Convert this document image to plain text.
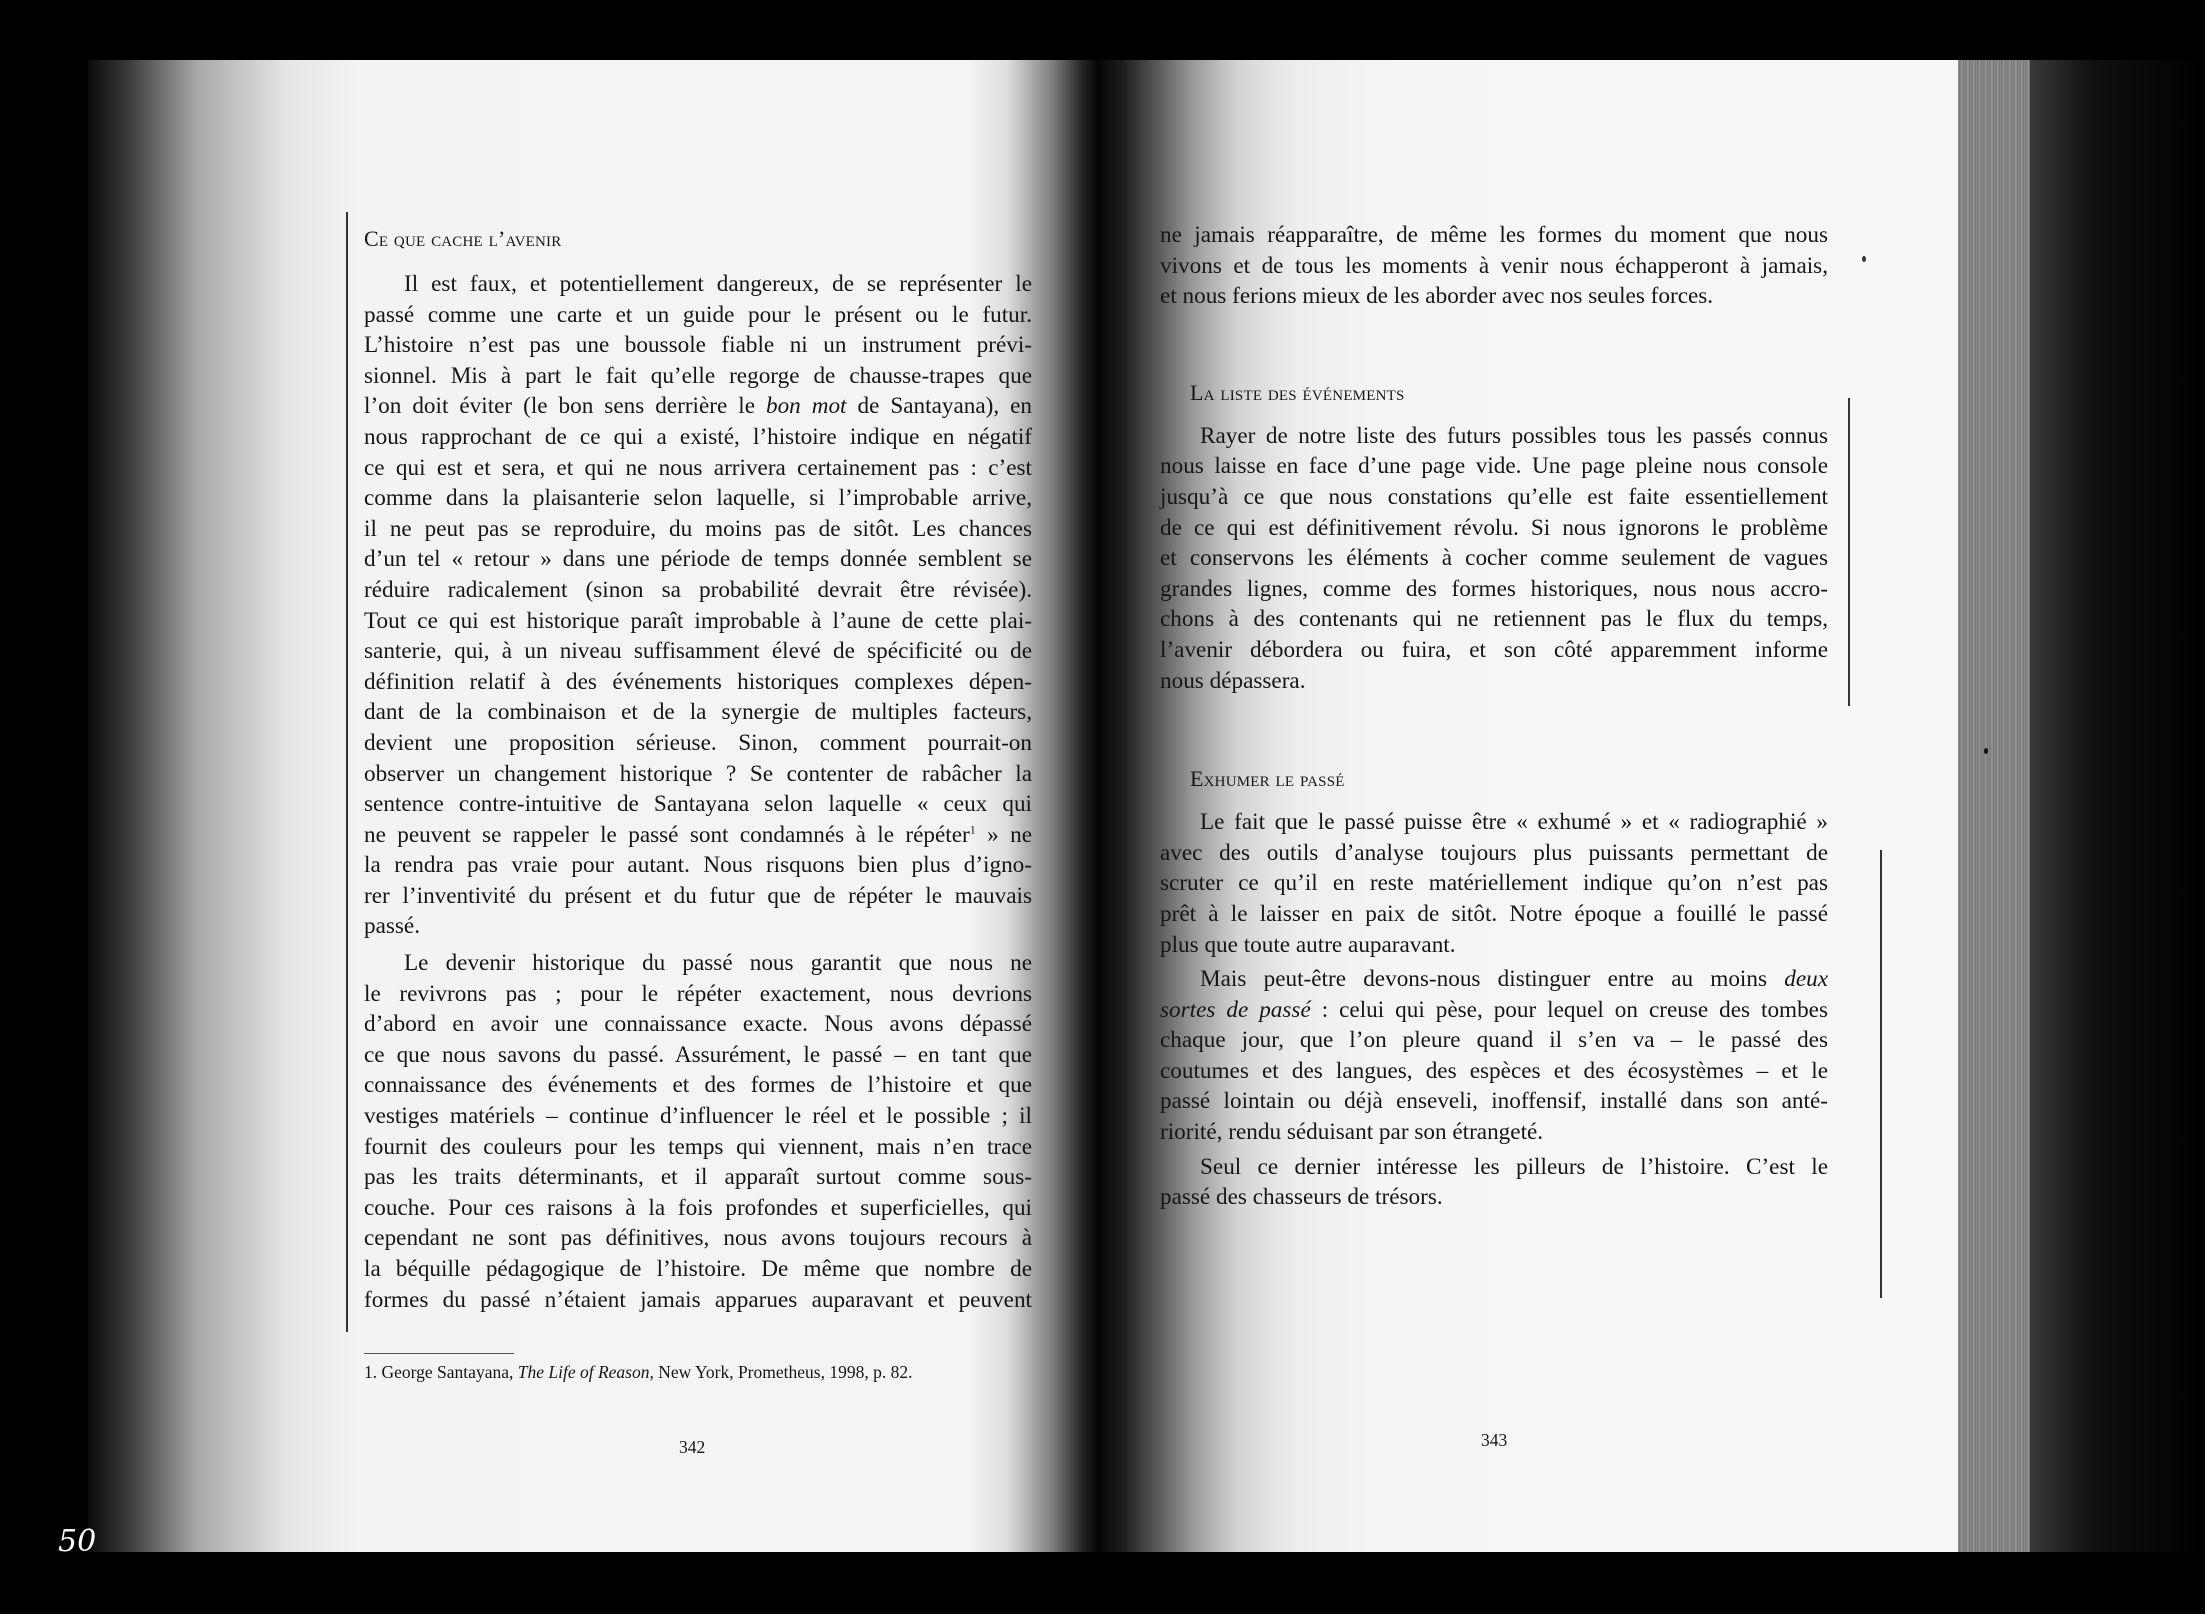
Ce que cache l’avenir
Il est faux, et potentiellement dangereux, de se représenter le
passé comme une carte et un guide pour le présent ou le futur.
L’histoire n’est pas une boussole fiable ni un instrument prévi-
sionnel. Mis à part le fait qu’elle regorge de chausse-trapes que
l’on doit éviter (le bon sens derrière le bon mot de Santayana), en
nous rapprochant de ce qui a existé, l’histoire indique en négatif
ce qui est et sera, et qui ne nous arrivera certainement pas : c’est
comme dans la plaisanterie selon laquelle, si l’improbable arrive,
il ne peut pas se reproduire, du moins pas de sitôt. Les chances
d’un tel « retour » dans une période de temps donnée semblent se
réduire radicalement (sinon sa probabilité devrait être révisée).
Tout ce qui est historique paraît improbable à l’aune de cette plai-
santerie, qui, à un niveau suffisamment élevé de spécificité ou de
définition relatif à des événements historiques complexes dépen-
dant de la combinaison et de la synergie de multiples facteurs,
devient une proposition sérieuse. Sinon, comment pourrait-on
observer un changement historique ? Se contenter de rabâcher la
sentence contre-intuitive de Santayana selon laquelle « ceux qui
ne peuvent se rappeler le passé sont condamnés à le répéter$^1$ » ne
la rendra pas vraie pour autant. Nous risquons bien plus d’igno-
rer l’inventivité du présent et du futur que de répéter le mauvais
passé.
Le devenir historique du passé nous garantit que nous ne
le revivrons pas ; pour le répéter exactement, nous devrions
d’abord en avoir une connaissance exacte. Nous avons dépassé
ce que nous savons du passé. Assurément, le passé – en tant que
connaissance des événements et des formes de l’histoire et que
vestiges matériels – continue d’influencer le réel et le possible ; il
fournit des couleurs pour les temps qui viennent, mais n’en trace
pas les traits déterminants, et il apparaît surtout comme sous-
couche. Pour ces raisons à la fois profondes et superficielles, qui
cependant ne sont pas définitives, nous avons toujours recours à
la béquille pédagogique de l’histoire. De même que nombre de
formes du passé n’étaient jamais apparues auparavant et peuvent
1. George Santayana, The Life of Reason, New York, Prometheus, 1998, p. 82.
342
ne jamais réapparaître, de même les formes du moment que nous
vivons et de tous les moments à venir nous échapperont à jamais,
et nous ferions mieux de les aborder avec nos seules forces.
La liste des événements
Rayer de notre liste des futurs possibles tous les passés connus
nous laisse en face d’une page vide. Une page pleine nous console
jusqu’à ce que nous constations qu’elle est faite essentiellement
de ce qui est définitivement révolu. Si nous ignorons le problème
et conservons les éléments à cocher comme seulement de vagues
grandes lignes, comme des formes historiques, nous nous accro-
chons à des contenants qui ne retiennent pas le flux du temps,
l’avenir débordera ou fuira, et son côté apparemment informe
nous dépassera.
Exhumer le passé
Le fait que le passé puisse être « exhumé » et « radiographié »
avec des outils d’analyse toujours plus puissants permettant de
scruter ce qu’il en reste matériellement indique qu’on n’est pas
prêt à le laisser en paix de sitôt. Notre époque a fouillé le passé
plus que toute autre auparavant.
Mais peut-être devons-nous distinguer entre au moins deux
sortes de passé : celui qui pèse, pour lequel on creuse des tombes
chaque jour, que l’on pleure quand il s’en va – le passé des
coutumes et des langues, des espèces et des écosystèmes – et le
passé lointain ou déjà enseveli, inoffensif, installé dans son anté-
riorité, rendu séduisant par son étrangeté.
Seul ce dernier intéresse les pilleurs de l’histoire. C’est le
passé des chasseurs de trésors.
343
50
